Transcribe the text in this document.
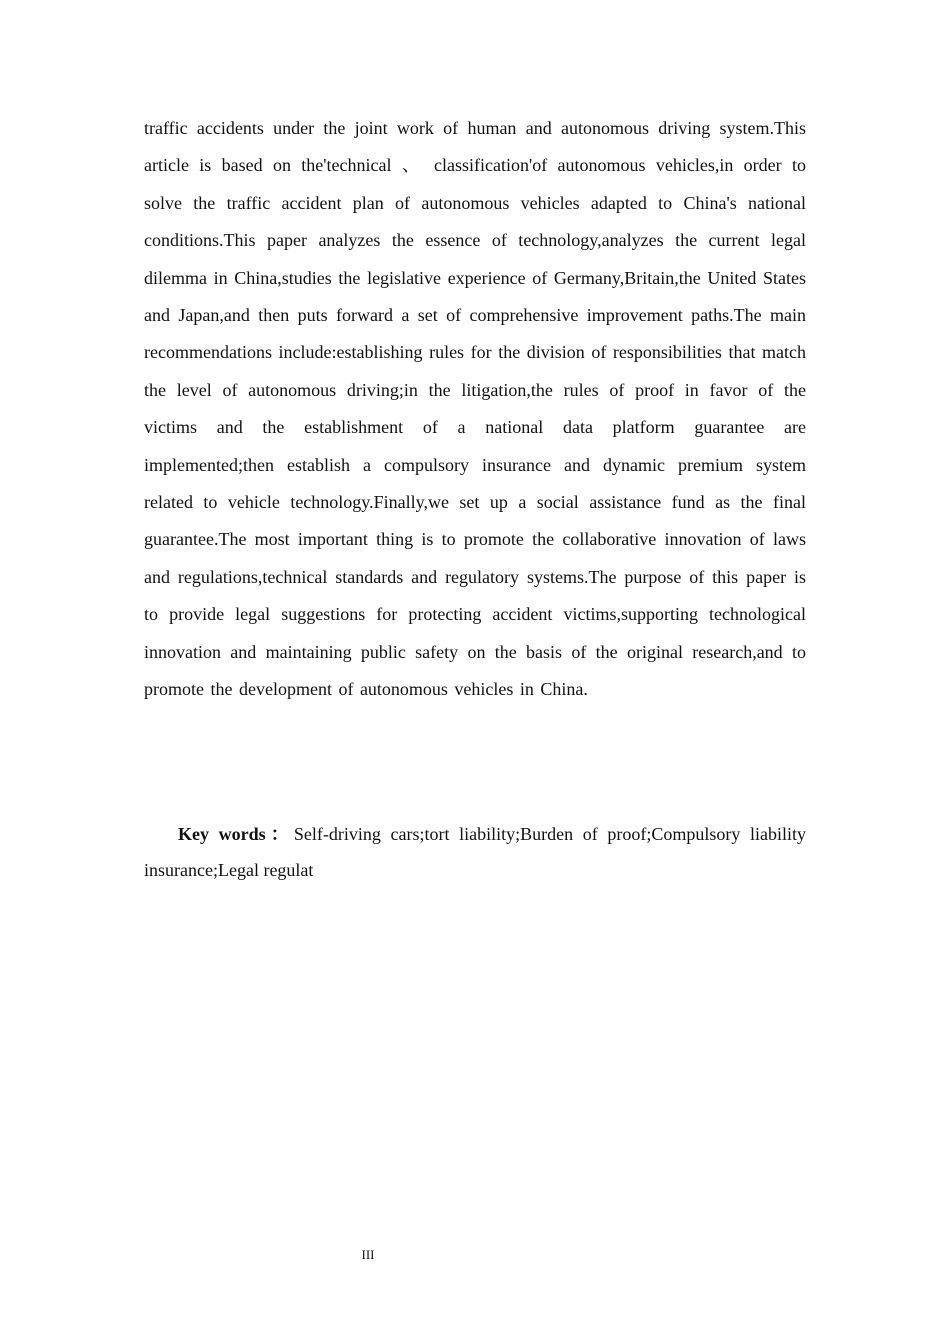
traffic accidents under the joint work of human and autonomous driving system.This article is based on the'technical 、 classification'of autonomous vehicles,in order to solve the traffic accident plan of autonomous vehicles adapted to China's national conditions.This paper analyzes the essence of technology,analyzes the current legal dilemma in China,studies the legislative experience of Germany,Britain,the United States and Japan,and then puts forward a set of comprehensive improvement paths.The main recommendations include:establishing rules for the division of responsibilities that match the level of autonomous driving;in the litigation,the rules of proof in favor of the victims and the establishment of a national data platform guarantee are implemented;then establish a compulsory insurance and dynamic premium system related to vehicle technology.Finally,we set up a social assistance fund as the final guarantee.The most important thing is to promote the collaborative innovation of laws and regulations,technical standards and regulatory systems.The purpose of this paper is to provide legal suggestions for protecting accident victims,supporting technological innovation and maintaining public safety on the basis of the original research,and to promote the development of autonomous vehicles in China.

Key words：Self-driving cars;tort liability;Burden of proof;Compulsory liability insurance;Legal regulat

III
